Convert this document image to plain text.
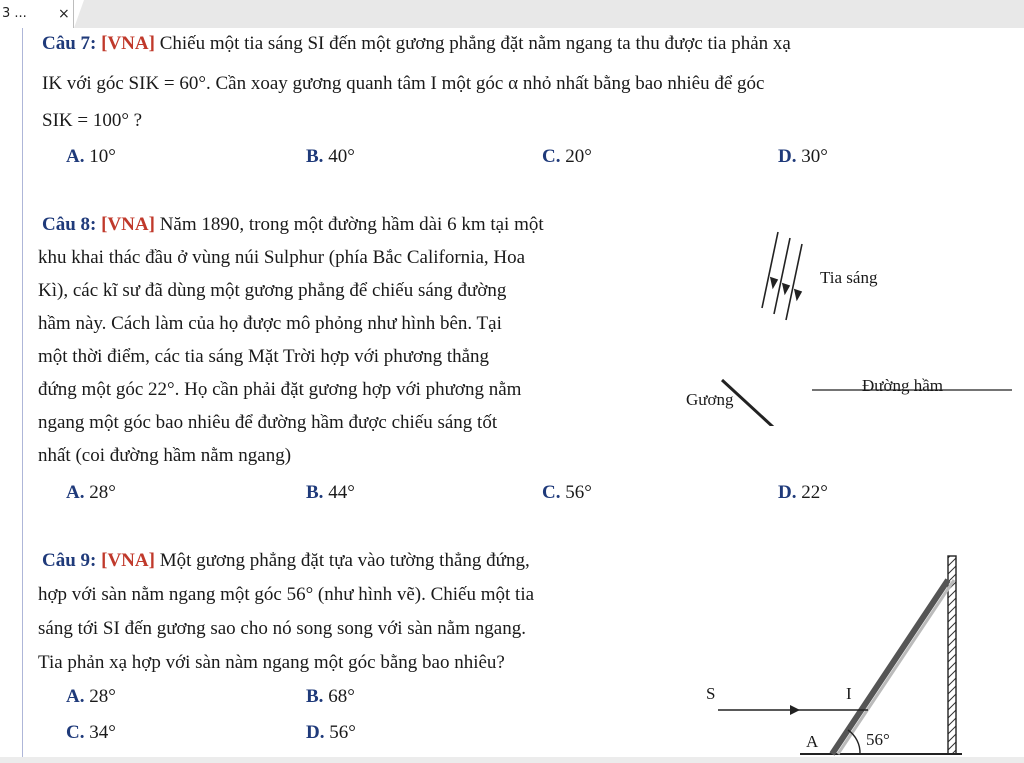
3 ... ×
Câu 7: [VNA] Chiếu một tia sáng SI đến một gương phẳng đặt nằm ngang ta thu được tia phản xạ
IK với góc SIK = 60°. Cần xoay gương quanh tâm I một góc α nhỏ nhất bằng bao nhiêu để góc
SIK = 100° ?
A. 10°	B. 40°	C. 20°	D. 30°
Câu 8: [VNA] Năm 1890, trong một đường hầm dài 6 km tại một
khu khai thác đầu ở vùng núi Sulphur (phía Bắc California, Hoa
Kì), các kĩ sư đã dùng một gương phẳng để chiếu sáng đường
hầm này. Cách làm của họ được mô phỏng như hình bên. Tại
một thời điểm, các tia sáng Mặt Trời hợp với phương thẳng
đứng một góc 22°. Họ cần phải đặt gương hợp với phương nằm
ngang một góc bao nhiêu để đường hầm được chiếu sáng tốt
nhất (coi đường hầm nằm ngang)
Tia sáng
Gương
Đường hầm
A. 28°	B. 44°	C. 56°	D. 22°
Câu 9: [VNA] Một gương phẳng đặt tựa vào tường thẳng đứng,
hợp với sàn nằm ngang một góc 56° (như hình vẽ). Chiếu một tia
sáng tới SI đến gương sao cho nó song song với sàn nằm ngang.
Tia phản xạ hợp với sàn nàm ngang một góc bằng bao nhiêu?
A. 28°	B. 68°
C. 34°	D. 56°
S	I
A	56°
